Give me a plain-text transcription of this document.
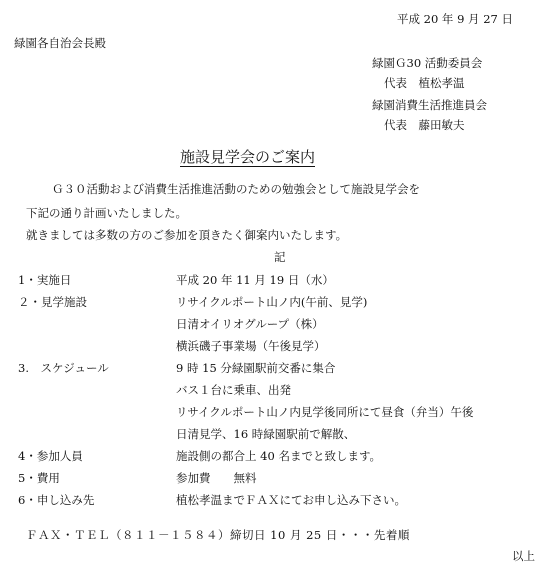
平成 20 年 9 月 27 日
緑園各自治会長殿
緑園Ｇ30 活動委員会
代表　植松孝温
緑園消費生活推進員会
代表　藤田敏夫
施設見学会のご案内
Ｇ３０活動および消費生活推進活動のための勉強会として施設見学会を
下記の通り計画いたしました。
就きましては多数の方のご参加を頂きたく御案内いたします。
記
1・実施日	平成 20 年 11 月 19 日（水）
２・見学施設	リサイクルポート山ノ内(午前、見学)
日清オイリオグループ（株）
横浜磯子事業場（午後見学）
3.　スケジュール	9 時 15 分緑園駅前交番に集合
バス１台に乗車、出発
リサイクルポート山ノ内見学後同所にて昼食（弁当）午後
日清見学、16 時緑園駅前で解散、
4・参加人員	施設側の都合上 40 名までと致します。
5・費用	参加費　　無料
6・申し込み先	植松孝温までＦＡＸにてお申し込み下さい。
ＦＡＸ・ＴＥＬ（８１１－１５８４）締切日 10 月 25 日・・・先着順
以上
